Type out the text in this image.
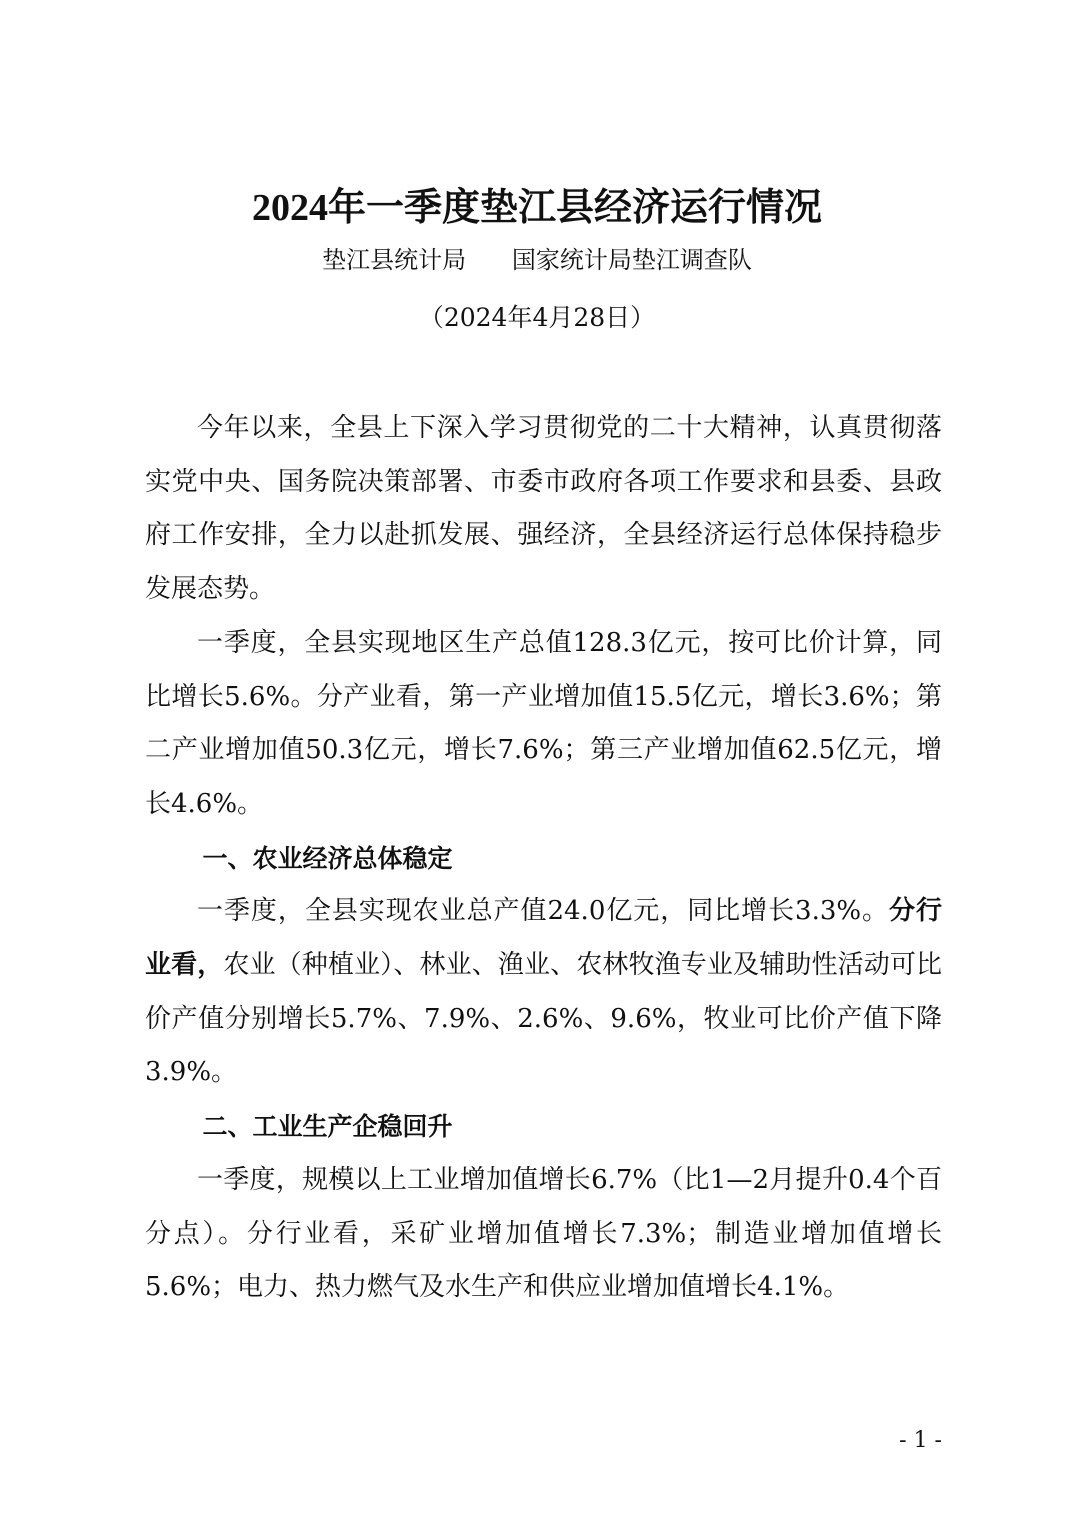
2024年一季度垫江县经济运行情况
垫江县统计局      国家统计局垫江调查队
（2024年4月28日）

今年以来，全县上下深入学习贯彻党的二十大精神，认真贯彻落实党中央、国务院决策部署、市委市政府各项工作要求和县委、县政府工作安排，全力以赴抓发展、强经济，全县经济运行总体保持稳步发展态势。

一季度，全县实现地区生产总值128.3亿元，按可比价计算，同比增长5.6%。分产业看，第一产业增加值15.5亿元，增长3.6%；第二产业增加值50.3亿元，增长7.6%；第三产业增加值62.5亿元，增长4.6%。

一、农业经济总体稳定

一季度，全县实现农业总产值24.0亿元，同比增长3.3%。分行业看，农业（种植业）、林业、渔业、农林牧渔专业及辅助性活动可比价产值分别增长5.7%、7.9%、2.6%、9.6%，牧业可比价产值下降3.9%。

二、工业生产企稳回升

一季度，规模以上工业增加值增长6.7%（比1—2月提升0.4个百分点）。分行业看，采矿业增加值增长7.3%；制造业增加值增长5.6%；电力、热力燃气及水生产和供应业增加值增长4.1%。

- 1 -
